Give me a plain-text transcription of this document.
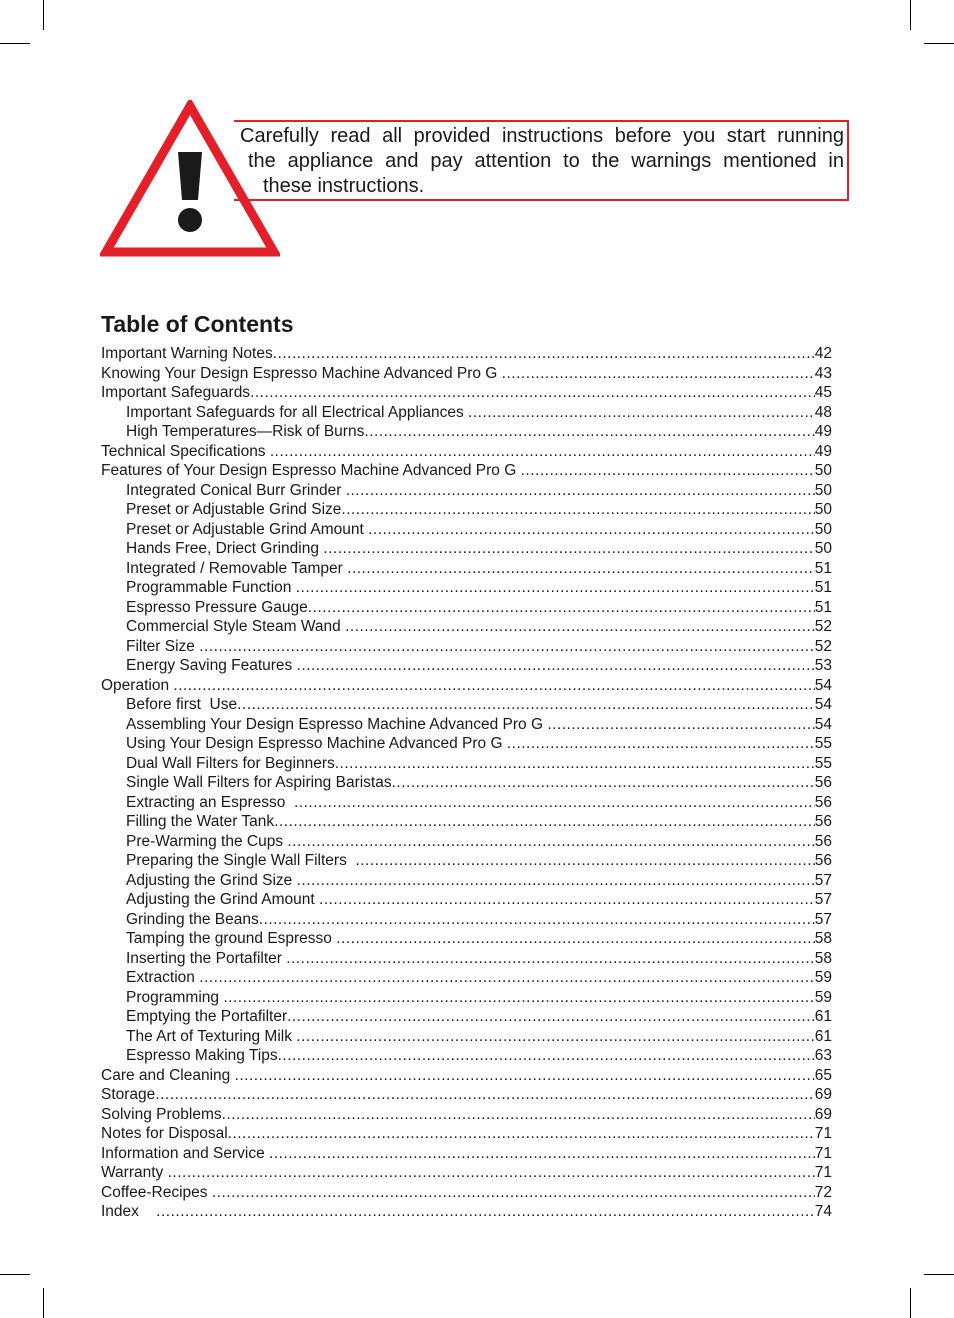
Carefully read all provided instructions before you start running
the appliance and pay attention to the warnings mentioned in
these instructions.
Table of Contents
Important Warning Notes .....	42
Knowing Your Design Espresso Machine Advanced Pro G .....	43
Important Safeguards .....	45
Important Safeguards for all Electrical Appliances .....	48
High Temperatures—Risk of Burns .....	49
Technical Specifications .....	49
Features of Your Design Espresso Machine Advanced Pro G .....	50
Integrated Conical Burr Grinder .....	50
Preset or Adjustable Grind Size .....	50
Preset or Adjustable Grind Amount .....	50
Hands Free, Driect Grinding .....	50
Integrated / Removable Tamper .....	51
Programmable Function .....	51
Espresso Pressure Gauge .....	51
Commercial Style Steam Wand .....	52
Filter Size .....	52
Energy Saving Features .....	53
Operation .....	54
Before first  Use .....	54
Assembling Your Design Espresso Machine Advanced Pro G .....	54
Using Your Design Espresso Machine Advanced Pro G .....	55
Dual Wall Filters for Beginners .....	55
Single Wall Filters for Aspiring Baristas .....	56
Extracting an Espresso .....	56
Filling the Water Tank .....	56
Pre-Warming the Cups .....	56
Preparing the Single Wall Filters .....	56
Adjusting the Grind Size .....	57
Adjusting the Grind Amount .....	57
Grinding the Beans .....	57
Tamping the ground Espresso .....	58
Inserting the Portafilter .....	58
Extraction .....	59
Programming .....	59
Emptying the Portafilter .....	61
The Art of Texturing Milk .....	61
Espresso Making Tips .....	63
Care and Cleaning .....	65
Storage .....	69
Solving Problems .....	69
Notes for Disposal .....	71
Information and Service .....	71
Warranty .....	71
Coffee-Recipes .....	72
Index .....	74
